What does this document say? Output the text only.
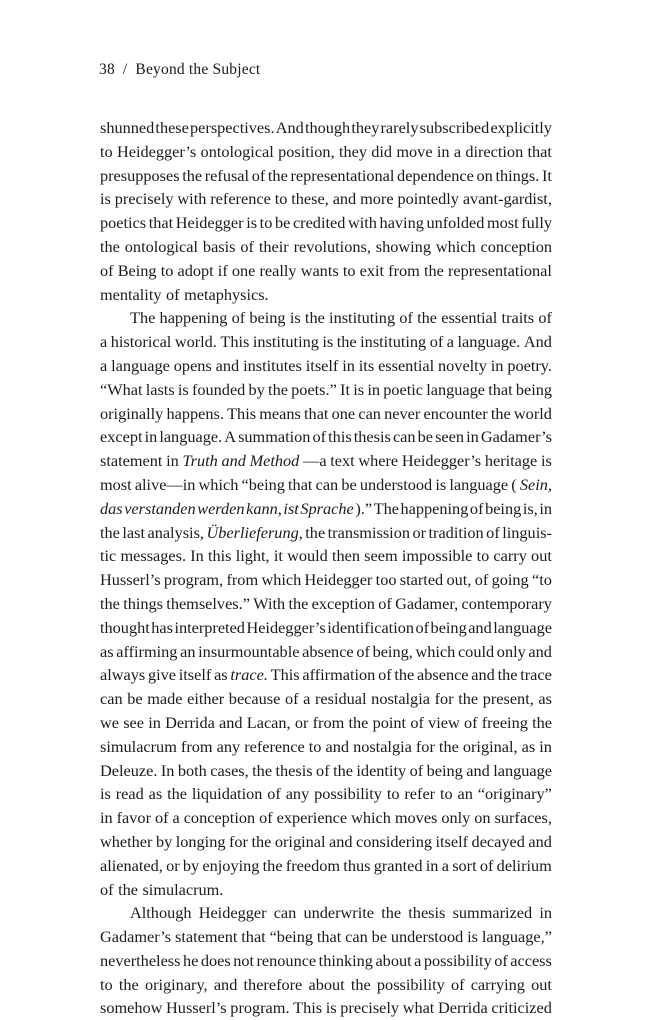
38 / Beyond the Subject
shunned these perspectives. And though they rarely subscribed explicitly
to Heidegger’s ontological position, they did move in a direction that
presupposes the refusal of the representational dependence on things. It
is precisely with reference to these, and more pointedly avant-gardist,
poetics that Heidegger is to be credited with having unfolded most fully
the ontological basis of their revolutions, showing which conception
of Being to adopt if one really wants to exit from the representational
mentality of metaphysics.
The happening of being is the instituting of the essential traits of
a historical world. This instituting is the instituting of a language. And
a language opens and institutes itself in its essential novelty in poetry.
“What lasts is founded by the poets.” It is in poetic language that being
originally happens. This means that one can never encounter the world
except in language. A summation of this thesis can be seen in Gadamer’s
statement in Truth and Method —a text where Heidegger’s heritage is
most alive—in which “being that can be understood is language ( Sein,
das verstanden werden kann, ist Sprache ).” The happening of being is, in
the last analysis, Überlieferung, the transmission or tradition of linguis-
tic messages. In this light, it would then seem impossible to carry out
Husserl’s program, from which Heidegger too started out, of going “to
the things themselves.” With the exception of Gadamer, contemporary
thought has interpreted Heidegger’s identification of being and language
as affirming an insurmountable absence of being, which could only and
always give itself as trace. This affirmation of the absence and the trace
can be made either because of a residual nostalgia for the present, as
we see in Derrida and Lacan, or from the point of view of freeing the
simulacrum from any reference to and nostalgia for the original, as in
Deleuze. In both cases, the thesis of the identity of being and language
is read as the liquidation of any possibility to refer to an “originary”
in favor of a conception of experience which moves only on surfaces,
whether by longing for the original and considering itself decayed and
alienated, or by enjoying the freedom thus granted in a sort of delirium
of the simulacrum.
Although Heidegger can underwrite the thesis summarized in
Gadamer’s statement that “being that can be understood is language,”
nevertheless he does not renounce thinking about a possibility of access
to the originary, and therefore about the possibility of carrying out
somehow Husserl’s program. This is precisely what Derrida criticized
